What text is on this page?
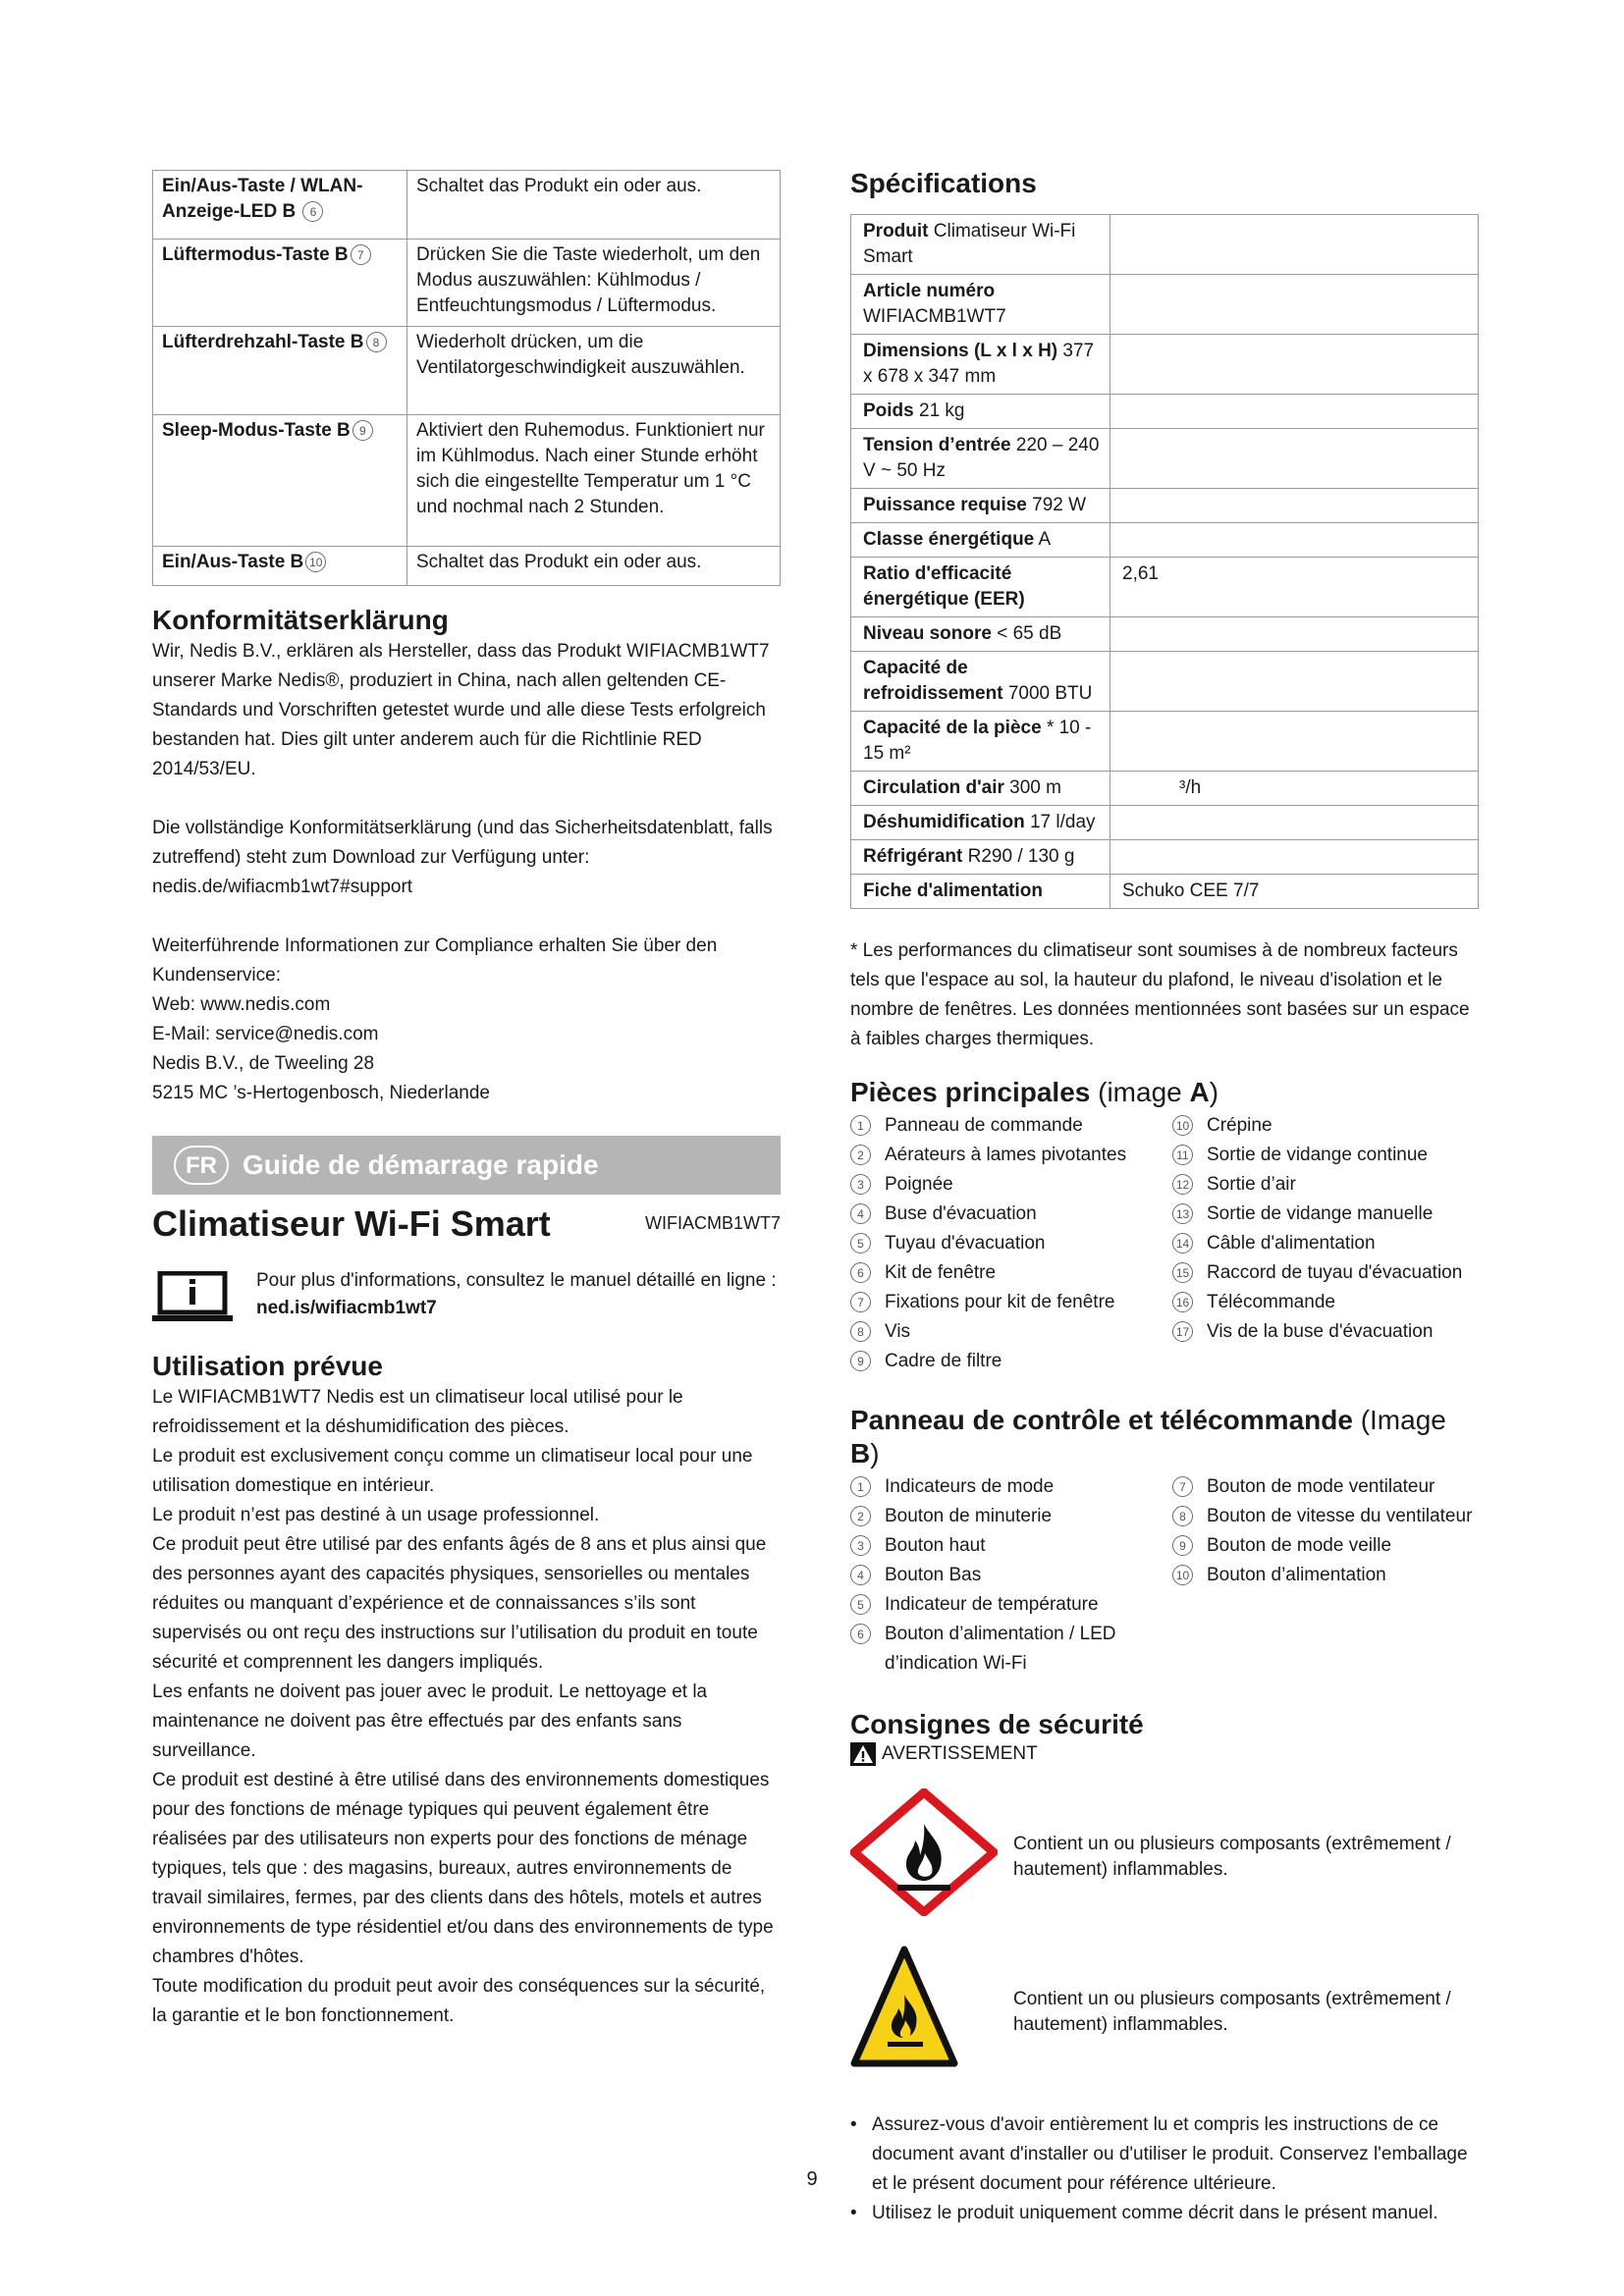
Ein/Aus-Taste / WLAN-Anzeige-LED B 6	Schaltet das Produkt ein oder aus.
Lüftermodus-Taste B 7	Drücken Sie die Taste wiederholt, um den Modus auszuwählen: Kühlmodus / Entfeuchtungsmodus / Lüftermodus.
Lüfterdrehzahl-Taste B 8	Wiederholt drücken, um die Ventilatorgeschwindigkeit auszuwählen.
Sleep-Modus-Taste B 9	Aktiviert den Ruhemodus. Funktioniert nur im Kühlmodus. Nach einer Stunde erhöht sich die eingestellte Temperatur um 1 °C und nochmal nach 2 Stunden.
Ein/Aus-Taste B 10	Schaltet das Produkt ein oder aus.
Konformitätserklärung

Wir, Nedis B.V., erklären als Hersteller, dass das Produkt WIFIACMB1WT7 unserer Marke Nedis®, produziert in China, nach allen geltenden CE-Standards und Vorschriften getestet wurde und alle diese Tests erfolgreich bestanden hat. Dies gilt unter anderem auch für die Richtlinie RED 2014/53/EU.

Die vollständige Konformitätserklärung (und das Sicherheitsdatenblatt, falls zutreffend) steht zum Download zur Verfügung unter:
nedis.de/wifiacmb1wt7#support

Weiterführende Informationen zur Compliance erhalten Sie über den Kundenservice:

Web: www.nedis.com

E-Mail: service@nedis.com

Nedis B.V., de Tweeling 28

5215 MC ’s-Hertogenbosch, Niederlande

FR Guide de démarrage rapide
Climatiseur Wi-Fi Smart	WIFIACMB1WT7

Pour plus d'informations, consultez le manuel détaillé en ligne : ned.is/wifiacmb1wt7

Utilisation prévue

Le WIFIACMB1WT7 Nedis est un climatiseur local utilisé pour le refroidissement et la déshumidification des pièces.

Le produit est exclusivement conçu comme un climatiseur local pour une utilisation domestique en intérieur.

Le produit n’est pas destiné à un usage professionnel.

Ce produit peut être utilisé par des enfants âgés de 8 ans et plus ainsi que des personnes ayant des capacités physiques, sensorielles ou mentales réduites ou manquant d’expérience et de connaissances s’ils sont supervisés ou ont reçu des instructions sur l’utilisation du produit en toute sécurité et comprennent les dangers impliqués.

Les enfants ne doivent pas jouer avec le produit. Le nettoyage et la maintenance ne doivent pas être effectués par des enfants sans surveillance.

Ce produit est destiné à être utilisé dans des environnements domestiques pour des fonctions de ménage typiques qui peuvent également être réalisées par des utilisateurs non experts pour des fonctions de ménage typiques, tels que : des magasins, bureaux, autres environnements de travail similaires, fermes, par des clients dans des hôtels, motels et autres environnements de type résidentiel et/ou dans des environnements de type chambres d'hôtes.

Toute modification du produit peut avoir des conséquences sur la sécurité, la garantie et le bon fonctionnement.

Spécifications
Produit Climatiseur Wi-Fi Smart	
Article numéro WIFIACMB1WT7	
Dimensions (L x l x H) 377 x 678 x 347 mm	
Poids 21 kg	
Tension d’entrée 220 – 240 V ~ 50 Hz	
Puissance requise 792 W	
Classe énergétique A	
Ratio d'efficacité énergétique (EER)	2,61
Niveau sonore < 65 dB	
Capacité de refroidissement 7000 BTU	
Capacité de la pièce * 10 - 15 m²	
Circulation d'air 300 m	³/h
Déshumidification 17 l/day	
Réfrigérant R290 / 130 g	
Fiche d'alimentation	Schuko CEE 7/7

* Les performances du climatiseur sont soumises à de nombreux facteurs tels que l'espace au sol, la hauteur du plafond, le niveau d'isolation et le nombre de fenêtres. Les données mentionnées sont basées sur un espace à faibles charges thermiques.

Pièces principales (image A)
1	Panneau de commande
2	Aérateurs à lames pivotantes
3	Poignée
4	Buse d'évacuation
5	Tuyau d'évacuation
6	Kit de fenêtre
7	Fixations pour kit de fenêtre
8	Vis
9	Cadre de filtre
10 Crépine
11 Sortie de vidange continue
12 Sortie d’air
13 Sortie de vidange manuelle
14 Câble d'alimentation
15 Raccord de tuyau d'évacuation
16 Télécommande
17 Vis de la buse d'évacuation
Panneau de contrôle et télécommande (Image B)
1	Indicateurs de mode
2	Bouton de minuterie
3	Bouton haut
4	Bouton Bas
5	Indicateur de température
6	Bouton d’alimentation / LED d’indication Wi-Fi
7	Bouton de mode ventilateur
8	Bouton de vitesse du ventilateur
9	Bouton de mode veille
10 Bouton d’alimentation
Consignes de sécurité
AVERTISSEMENT

Contient un ou plusieurs composants (extrêmement / hautement) inflammables.

Contient un ou plusieurs composants (extrêmement / hautement) inflammables.

• Assurez-vous d'avoir entièrement lu et compris les instructions de ce document avant d'installer ou d'utiliser le produit. Conservez l'emballage et le présent document pour référence ultérieure.
• Utilisez le produit uniquement comme décrit dans le présent manuel.
9
